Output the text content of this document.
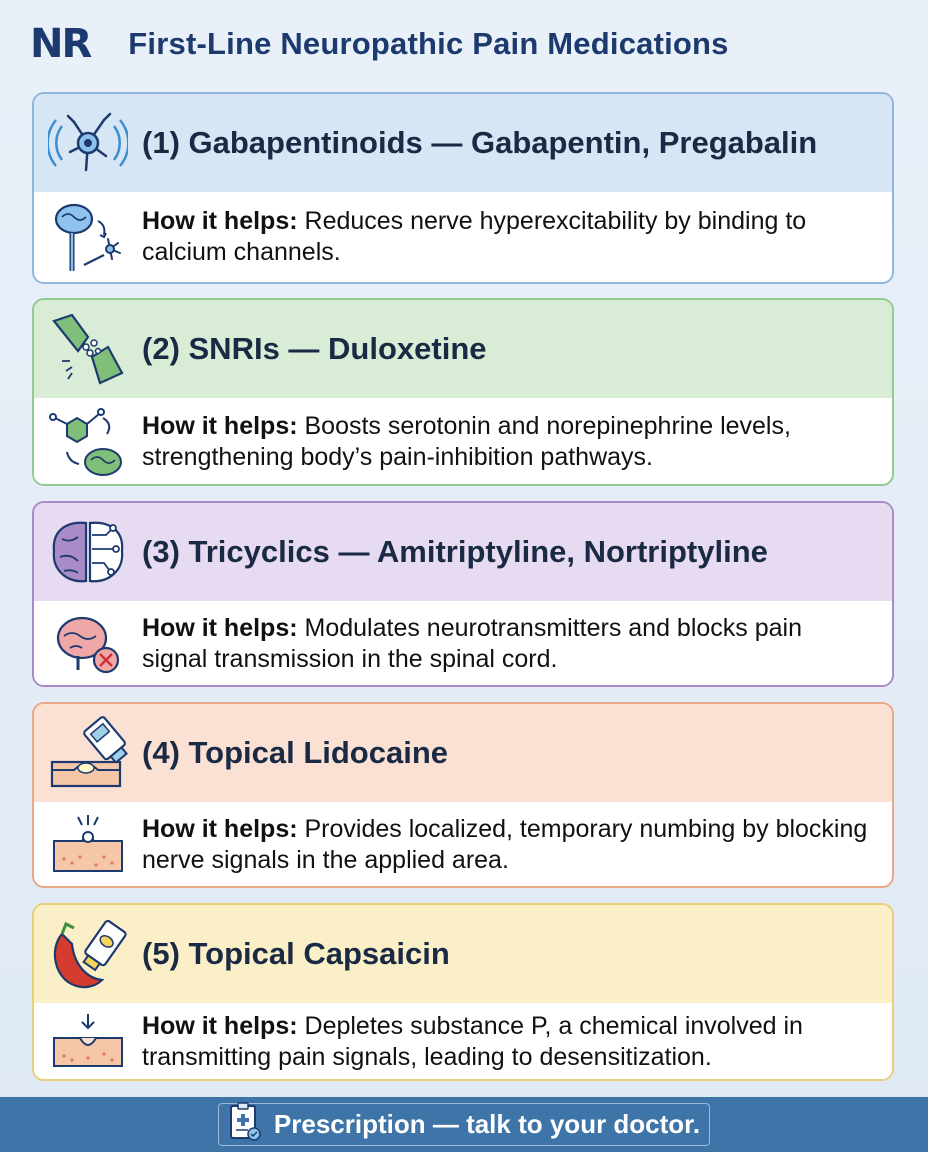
NR First-Line Neuropathic Pain Medications
(1) Gabapentinoids — Gabapentin, Pregabalin
How it helps: Reduces nerve hyperexcitability by binding to calcium channels.
(2) SNRIs — Duloxetine
How it helps: Boosts serotonin and norepinephrine levels, strengthening body’s pain-inhibition pathways.
(3) Tricyclics — Amitriptyline, Nortriptyline
How it helps: Modulates neurotransmitters and blocks pain signal transmission in the spinal cord.
(4) Topical Lidocaine
How it helps: Provides localized, temporary numbing by blocking nerve signals in the applied area.
(5) Topical Capsaicin
How it helps: Depletes substance P, a chemical involved in transmitting pain signals, leading to desensitization.
Prescription — talk to your doctor.
